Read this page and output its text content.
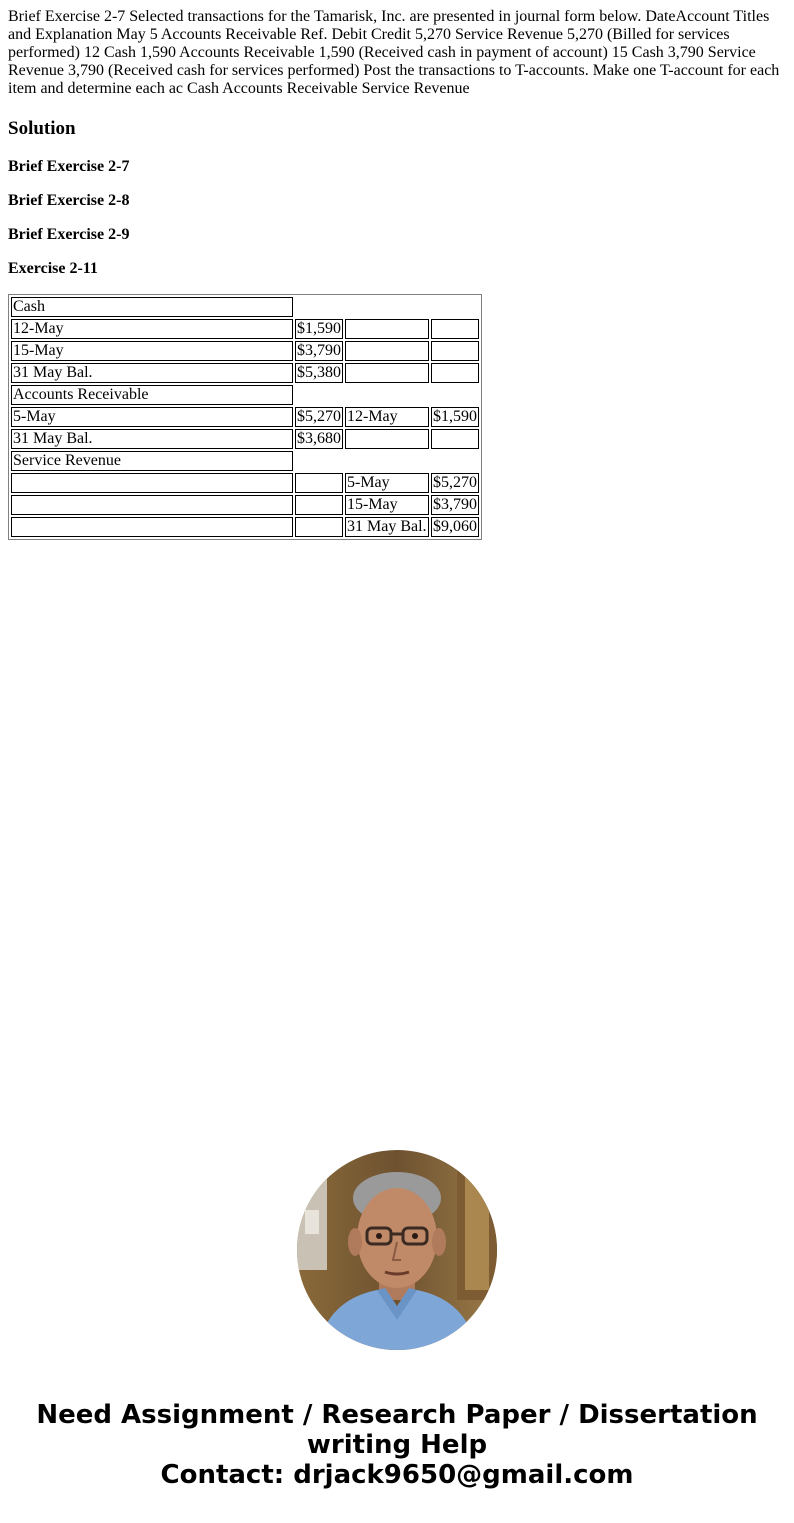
Brief Exercise 2-7 Selected transactions for the Tamarisk, Inc. are presented in journal form below. DateAccount Titles and Explanation May 5 Accounts Receivable Ref. Debit Credit 5,270 Service Revenue 5,270 (Billed for services performed) 12 Cash 1,590 Accounts Receivable 1,590 (Received cash in payment of account) 15 Cash 3,790 Service Revenue 3,790 (Received cash for services performed) Post the transactions to T-accounts. Make one T-account for each item and determine each ac Cash Accounts Receivable Service Revenue

Solution
Brief Exercise 2-7
Brief Exercise 2-8
Brief Exercise 2-9
Exercise 2-11
Cash			
12-May	$1,590		
15-May	$3,790		
31 May Bal.	$5,380		
Accounts Receivable			
5-May	$5,270	12-May	$1,590
31 May Bal.	$3,680		
Service Revenue			
		5-May	$5,270
		15-May	$3,790
		31 May Bal.	$9,060
Need Assignment / Research Paper / Dissertation
writing Help
Contact: drjack9650@gmail.com
